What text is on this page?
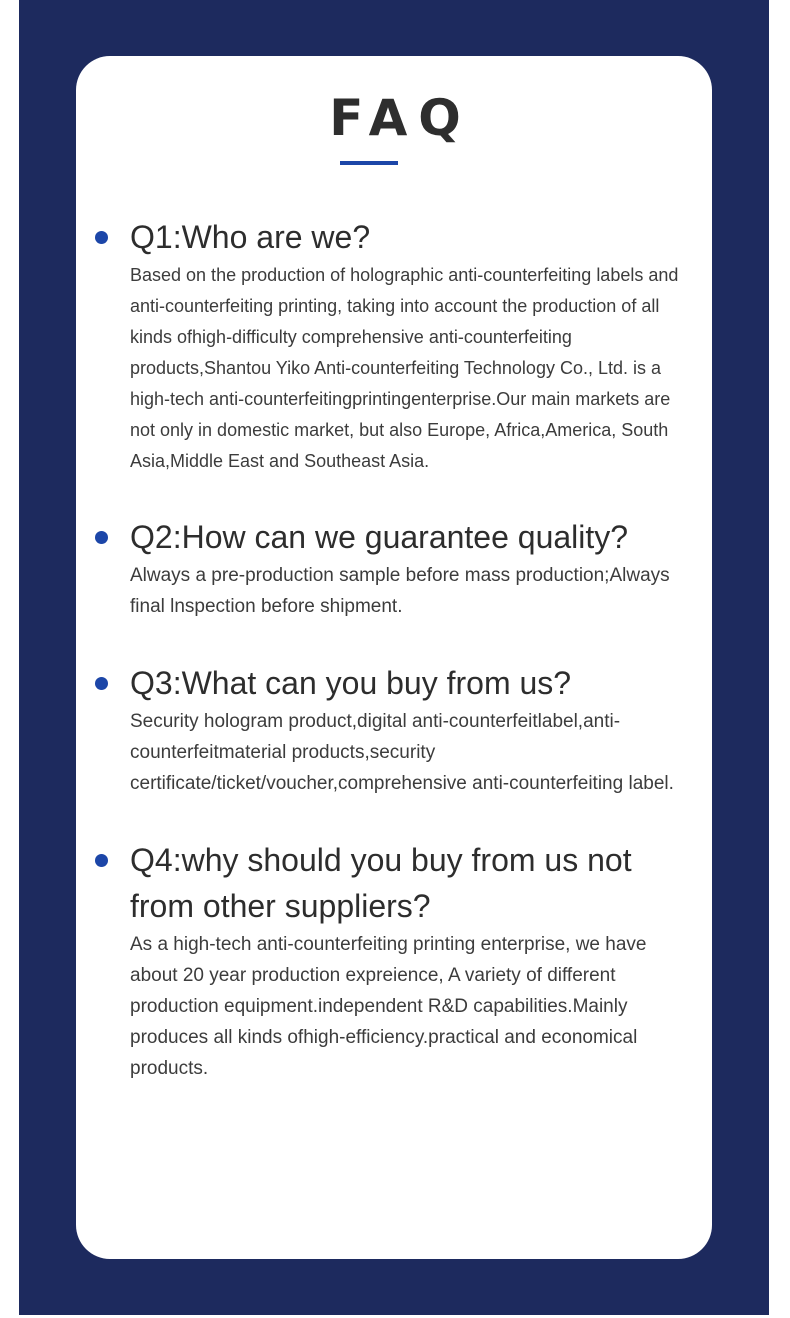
FAQ

Q1:Who are we?

Based on the production of holographic anti-counterfeiting labels and anti-counterfeiting printing, taking into account the production of all kinds ofhigh-difficulty comprehensive anti-counterfeiting products,Shantou Yiko Anti-counterfeiting Technology Co., Ltd. is a high-tech anti-counterfeitingprintingenterprise.Our main markets are not only in domestic market, but also Europe, Africa,America, South Asia,Middle East and Southeast Asia.

Q2:How can we guarantee quality?

Always a pre-production sample before mass production;Always final lnspection before shipment.

Q3:What can you buy from us?

Security hologram product,digital anti-counterfeitlabel,anti-counterfeitmaterial products,security certificate/ticket/voucher,comprehensive anti-counterfeiting label.

Q4:why should you buy from us not from other suppliers?

As a high-tech anti-counterfeiting printing enterprise, we have about 20 year production expreience, A variety of different production equipment.independent R&D capabilities.Mainly produces all kinds ofhigh-efficiency.practical and economical products.
